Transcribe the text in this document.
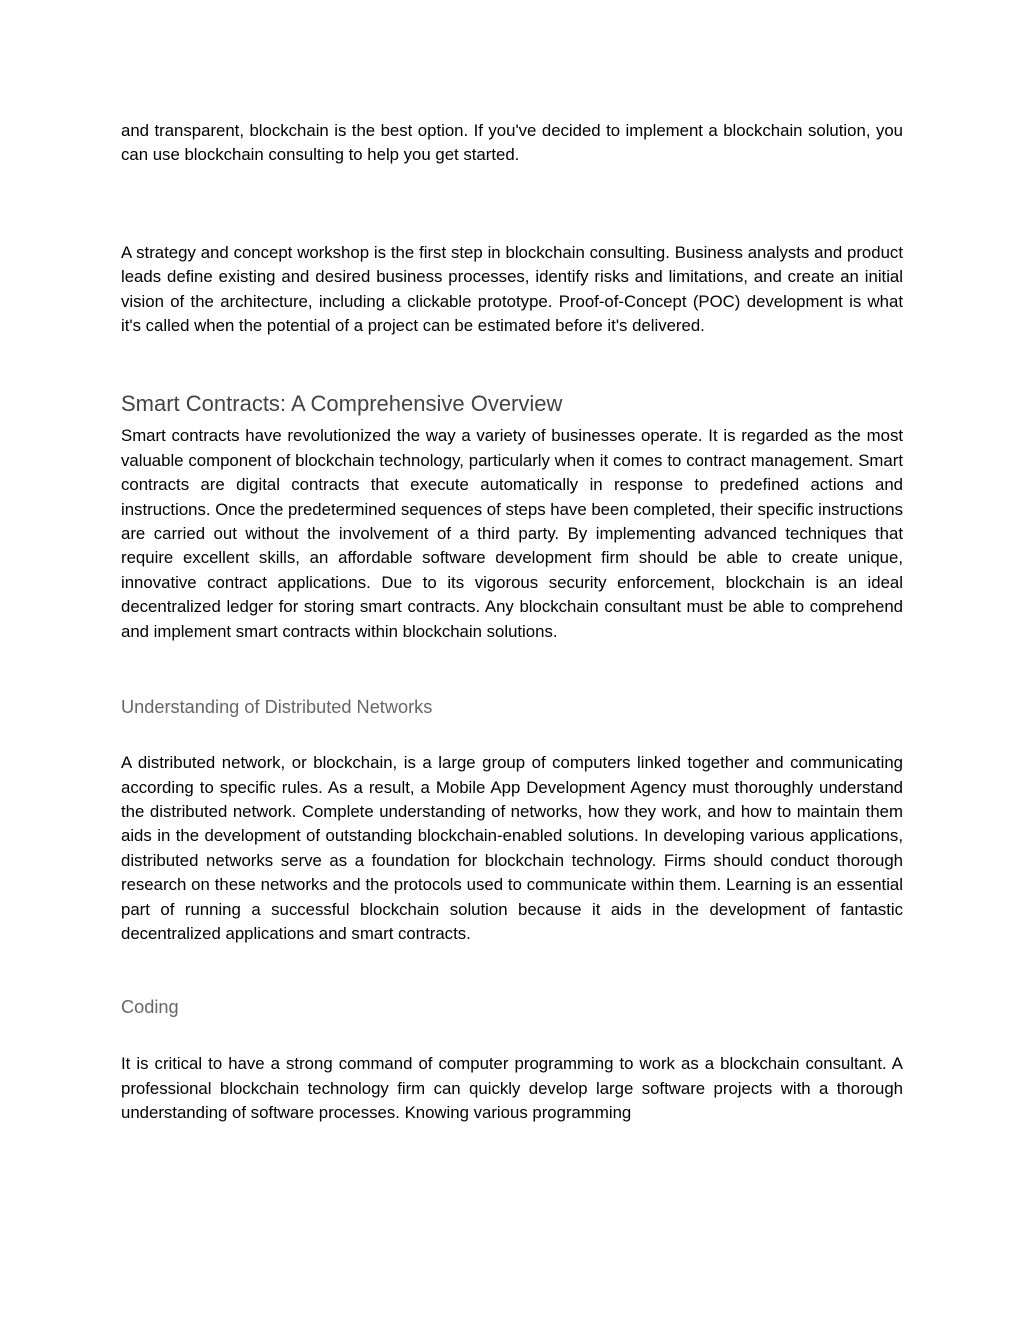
and transparent, blockchain is the best option. If you've decided to implement a blockchain solution, you can use blockchain consulting to help you get started.

A strategy and concept workshop is the first step in blockchain consulting. Business analysts and product leads define existing and desired business processes, identify risks and limitations, and create an initial vision of the architecture, including a clickable prototype. Proof-of-Concept (POC) development is what it's called when the potential of a project can be estimated before it's delivered.

Smart Contracts: A Comprehensive Overview

Smart contracts have revolutionized the way a variety of businesses operate. It is regarded as the most valuable component of blockchain technology, particularly when it comes to contract management. Smart contracts are digital contracts that execute automatically in response to predefined actions and instructions. Once the predetermined sequences of steps have been completed, their specific instructions are carried out without the involvement of a third party. By implementing advanced techniques that require excellent skills, an affordable software development firm should be able to create unique, innovative contract applications. Due to its vigorous security enforcement, blockchain is an ideal decentralized ledger for storing smart contracts. Any blockchain consultant must be able to comprehend and implement smart contracts within blockchain solutions.

Understanding of Distributed Networks

A distributed network, or blockchain, is a large group of computers linked together and communicating according to specific rules. As a result, a Mobile App Development Agency must thoroughly understand the distributed network. Complete understanding of networks, how they work, and how to maintain them aids in the development of outstanding blockchain-enabled solutions. In developing various applications, distributed networks serve as a foundation for blockchain technology. Firms should conduct thorough research on these networks and the protocols used to communicate within them. Learning is an essential part of running a successful blockchain solution because it aids in the development of fantastic decentralized applications and smart contracts.

Coding

It is critical to have a strong command of computer programming to work as a blockchain consultant. A professional blockchain technology firm can quickly develop large software projects with a thorough understanding of software processes. Knowing various programming
